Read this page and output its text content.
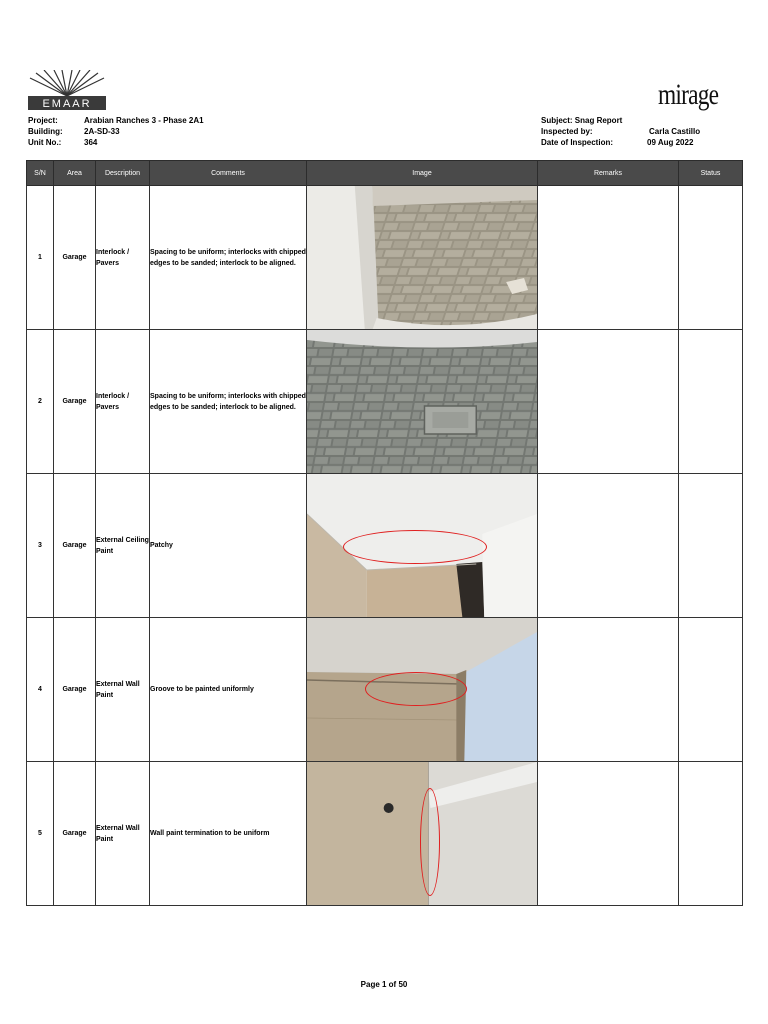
EMAAR	mirage
Project:	Arabian Ranches 3 - Phase 2A1
Building:	2A-SD-33
Unit No.:	364
Subject: Snag Report
Inspected by:	Carla Castillo
Date of Inspection:	09 Aug 2022
S/N	Area	Description	Comments	Image	Remarks	Status
1	Garage	Interlock / Pavers	Spacing to be uniform; interlocks with chipped edges to be sanded; interlock to be aligned.	

2	Garage	Interlock / Pavers	Spacing to be uniform; interlocks with chipped edges to be sanded; interlock to be aligned.	

3	Garage	External Ceiling Paint	Patchy	

4	Garage	External Wall Paint	Groove to be painted uniformly	

5	Garage	External Wall Paint	Wall paint termination to be uniform	

Page 1 of 50
